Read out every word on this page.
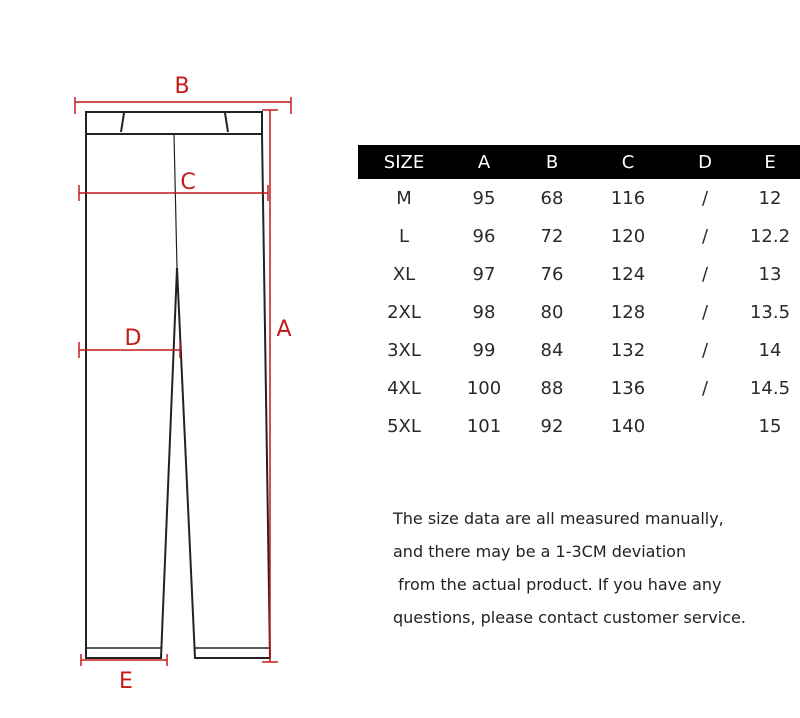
B
A
C
D
E
SIZE	A	B	C	D	E
M	95	68	116	/	12
L	96	72	120	/	12.2
XL	97	76	124	/	13
2XL	98	80	128	/	13.5
3XL	99	84	132	/	14
4XL	100	88	136	/	14.5
5XL	101	92	140		15
The size data are all measured manually,
and there may be a 1-3CM deviation
from the actual product. If you have any
questions, please contact customer service.
